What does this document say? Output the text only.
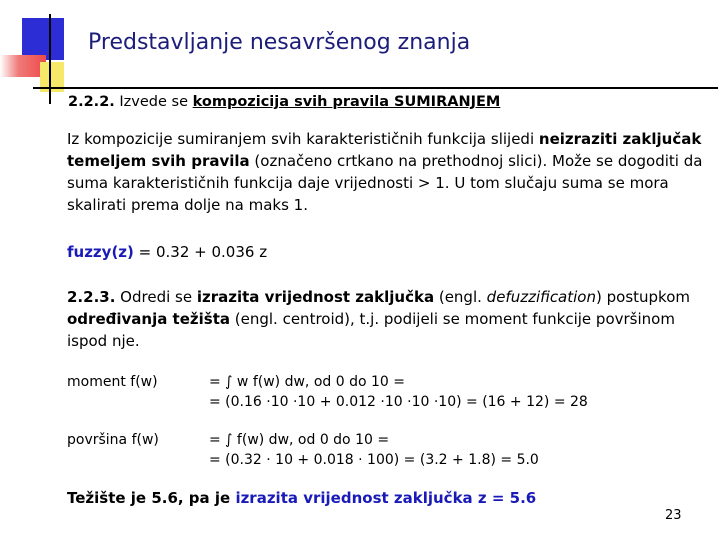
Predstavljanje nesavršenog znanja
2.2.2. Izvede se kompozicija svih pravila SUMIRANJEM
Iz kompozicije sumiranjem svih karakterističnih funkcija slijedi neizraziti zaključak temeljem svih pravila (označeno crtkano na prethodnoj slici). Može se dogoditi da suma karakterističnih funkcija daje vrijednosti > 1. U tom slučaju suma se mora skalirati prema dolje na maks 1.
fuzzy(z) = 0.32 + 0.036 z
2.2.3. Odredi se izrazita vrijednost zaključka (engl. defuzzification) postupkom određivanja težišta (engl. centroid), t.j. podijeli se moment funkcije površinom ispod nje.
moment f(w)	= ∫ w f(w) dw, od 0 do 10 =
= (0.16 ·10 ·10 + 0.012 ·10 ·10 ·10) = (16 + 12) = 28
površina f(w)	= ∫ f(w) dw, od 0 do 10 =
= (0.32 · 10 + 0.018 · 100) = (3.2 + 1.8) = 5.0
Težište je 5.6, pa je izrazita vrijednost zaključka z = 5.6
23
